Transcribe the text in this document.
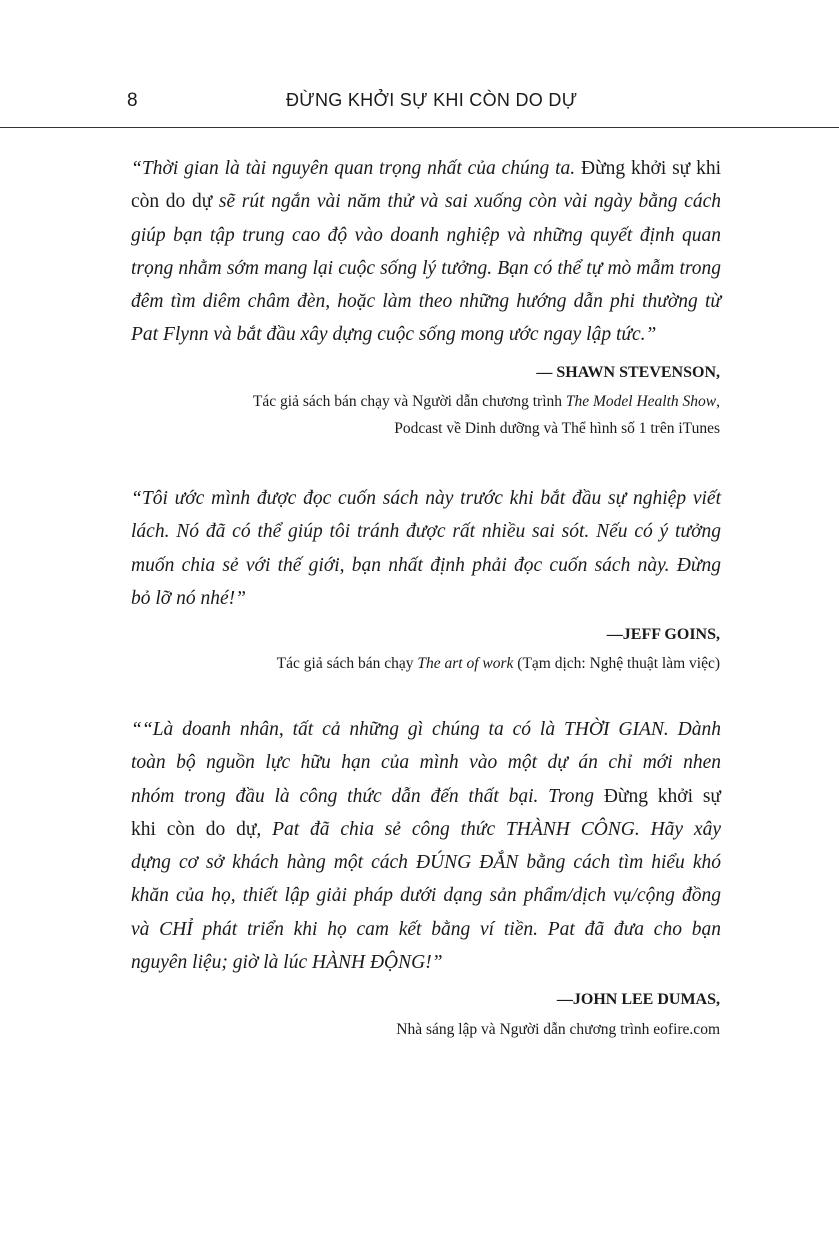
8	ĐỪNG KHỞI SỰ KHI CÒN DO DỰ

“Thời gian là tài nguyên quan trọng nhất của chúng ta. Đừng khởi sự khi
còn do dự sẽ rút ngắn vài năm thử và sai xuống còn vài ngày bằng cách
giúp bạn tập trung cao độ vào doanh nghiệp và những quyết định quan
trọng nhằm sớm mang lại cuộc sống lý tưởng. Bạn có thể tự mò mẫm trong
đêm tìm diêm châm đèn, hoặc làm theo những hướng dẫn phi thường từ
Pat Flynn và bắt đầu xây dựng cuộc sống mong ước ngay lập tức.”

— SHAWN STEVENSON,
Tác giả sách bán chạy và Người dẫn chương trình The Model Health Show,
Podcast về Dinh dưỡng và Thể hình số 1 trên iTunes

“Tôi ước mình được đọc cuốn sách này trước khi bắt đầu sự nghiệp viết
lách. Nó đã có thể giúp tôi tránh được rất nhiều sai sót. Nếu có ý tưởng
muốn chia sẻ với thế giới, bạn nhất định phải đọc cuốn sách này. Đừng
bỏ lỡ nó nhé!”

—JEFF GOINS,
Tác giả sách bán chạy The art of work (Tạm dịch: Nghệ thuật làm việc)

““Là doanh nhân, tất cả những gì chúng ta có là THỜI GIAN. Dành
toàn bộ nguồn lực hữu hạn của mình vào một dự án chỉ mới nhen
nhóm trong đầu là công thức dẫn đến thất bại. Trong Đừng khởi sự
khi còn do dự, Pat đã chia sẻ công thức THÀNH CÔNG. Hãy xây
dựng cơ sở khách hàng một cách ĐÚNG ĐẮN bằng cách tìm hiểu khó
khăn của họ, thiết lập giải pháp dưới dạng sản phẩm/dịch vụ/cộng đồng
và CHỈ phát triển khi họ cam kết bằng ví tiền. Pat đã đưa cho bạn
nguyên liệu; giờ là lúc HÀNH ĐỘNG!”

—JOHN LEE DUMAS,
Nhà sáng lập và Người dẫn chương trình eofire.com
